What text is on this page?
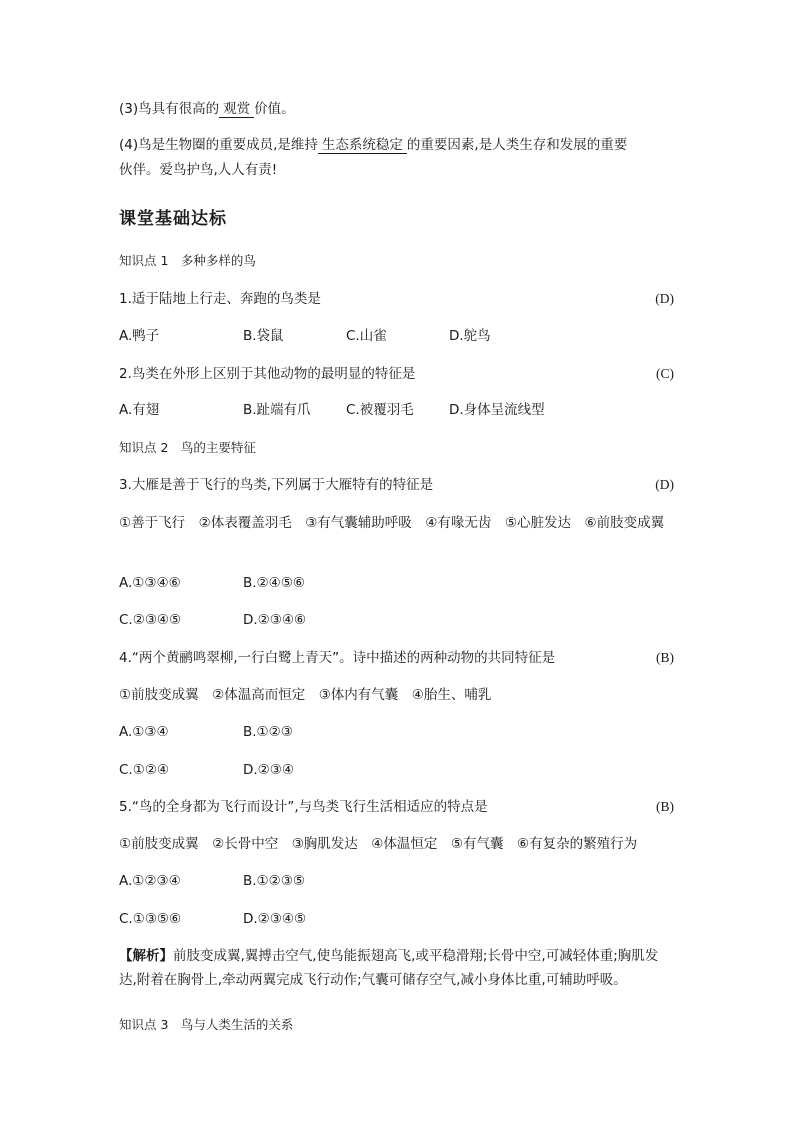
(3)鸟具有很高的 观赏 价值。
(4)鸟是生物圈的重要成员,是维持 生态系统稳定 的重要因素,是人类生存和发展的重要
伙伴。爱鸟护鸟,人人有责!
课堂基础达标
知识点 1　多种多样的鸟
1.适于陆地上行走、奔跑的鸟类是	(D)
A.鸭子	B.袋鼠	C.山雀	D.鸵鸟
2.鸟类在外形上区别于其他动物的最明显的特征是	(C)
A.有翅	B.趾端有爪	C.被覆羽毛	D.身体呈流线型
知识点 2　鸟的主要特征
3.大雁是善于飞行的鸟类,下列属于大雁特有的特征是	(D)
①善于飞行　②体表覆盖羽毛　③有气囊辅助呼吸　④有喙无齿　⑤心脏发达　⑥前肢变成翼
A.①③④⑥	B.②④⑤⑥
C.②③④⑤	D.②③④⑥
4.“两个黄鹂鸣翠柳,一行白鹭上青天”。诗中描述的两种动物的共同特征是	(B)
①前肢变成翼　②体温高而恒定　③体内有气囊　④胎生、哺乳
A.①③④	B.①②③
C.①②④	D.②③④
5.“鸟的全身都为飞行而设计”,与鸟类飞行生活相适应的特点是	(B)
①前肢变成翼　②长骨中空　③胸肌发达　④体温恒定　⑤有气囊　⑥有复杂的繁殖行为
A.①②③④	B.①②③⑤
C.①③⑤⑥	D.②③④⑤
【解析】前肢变成翼,翼搏击空气,使鸟能振翅高飞,或平稳滑翔;长骨中空,可减轻体重;胸肌发达,附着在胸骨上,牵动两翼完成飞行动作;气囊可储存空气,减小身体比重,可辅助呼吸。
知识点 3　鸟与人类生活的关系
